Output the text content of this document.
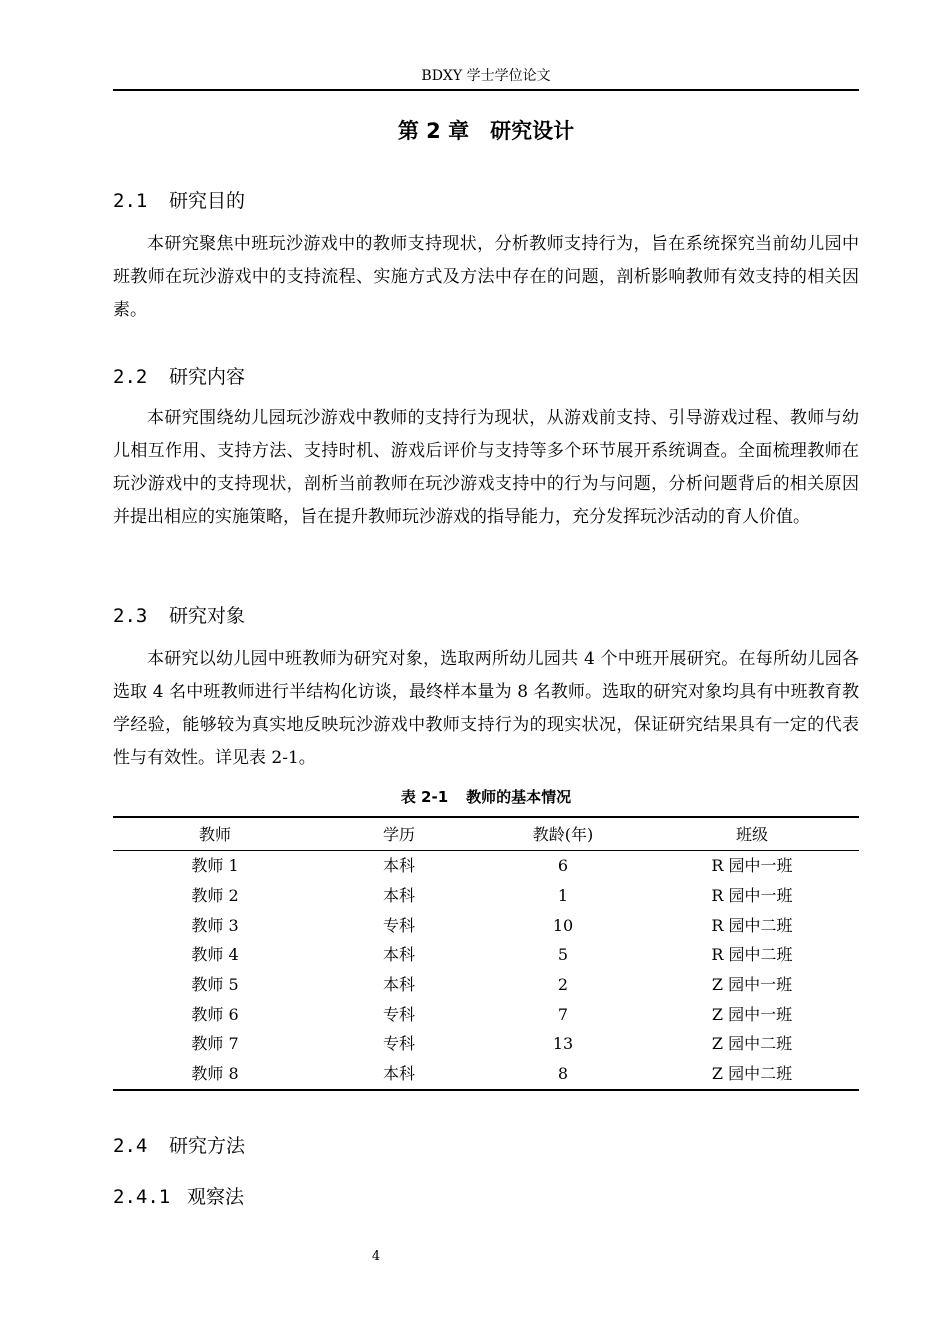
BDXY 学士学位论文
第 2 章　研究设计
2.1 研究目的

本研究聚焦中班玩沙游戏中的教师支持现状，分析教师支持行为，旨在系统探究当前幼儿园中班教师在玩沙游戏中的支持流程、实施方式及方法中存在的问题，剖析影响教师有效支持的相关因素。

2.2 研究内容

本研究围绕幼儿园玩沙游戏中教师的支持行为现状，从游戏前支持、引导游戏过程、教师与幼儿相互作用、支持方法、支持时机、游戏后评价与支持等多个环节展开系统调查。全面梳理教师在玩沙游戏中的支持现状，剖析当前教师在玩沙游戏支持中的行为与问题，分析问题背后的相关原因并提出相应的实施策略，旨在提升教师玩沙游戏的指导能力，充分发挥玩沙活动的育人价值。

2.3 研究对象

本研究以幼儿园中班教师为研究对象，选取两所幼儿园共 4 个中班开展研究。在每所幼儿园各选取 4 名中班教师进行半结构化访谈，最终样本量为 8 名教师。选取的研究对象均具有中班教育教学经验，能够较为真实地反映玩沙游戏中教师支持行为的现实状况，保证研究结果具有一定的代表性与有效性。详见表 2-1。

表 2-1 教师的基本情况
教师	学历	教龄(年)	班级
教师 1	本科	6	R 园中一班
教师 2	本科	1	R 园中一班
教师 3	专科	10	R 园中二班
教师 4	本科	5	R 园中二班
教师 5	本科	2	Z 园中一班
教师 6	专科	7	Z 园中一班
教师 7	专科	13	Z 园中二班
教师 8	本科	8	Z 园中二班
2.4 研究方法
2.4.1 观察法
4
